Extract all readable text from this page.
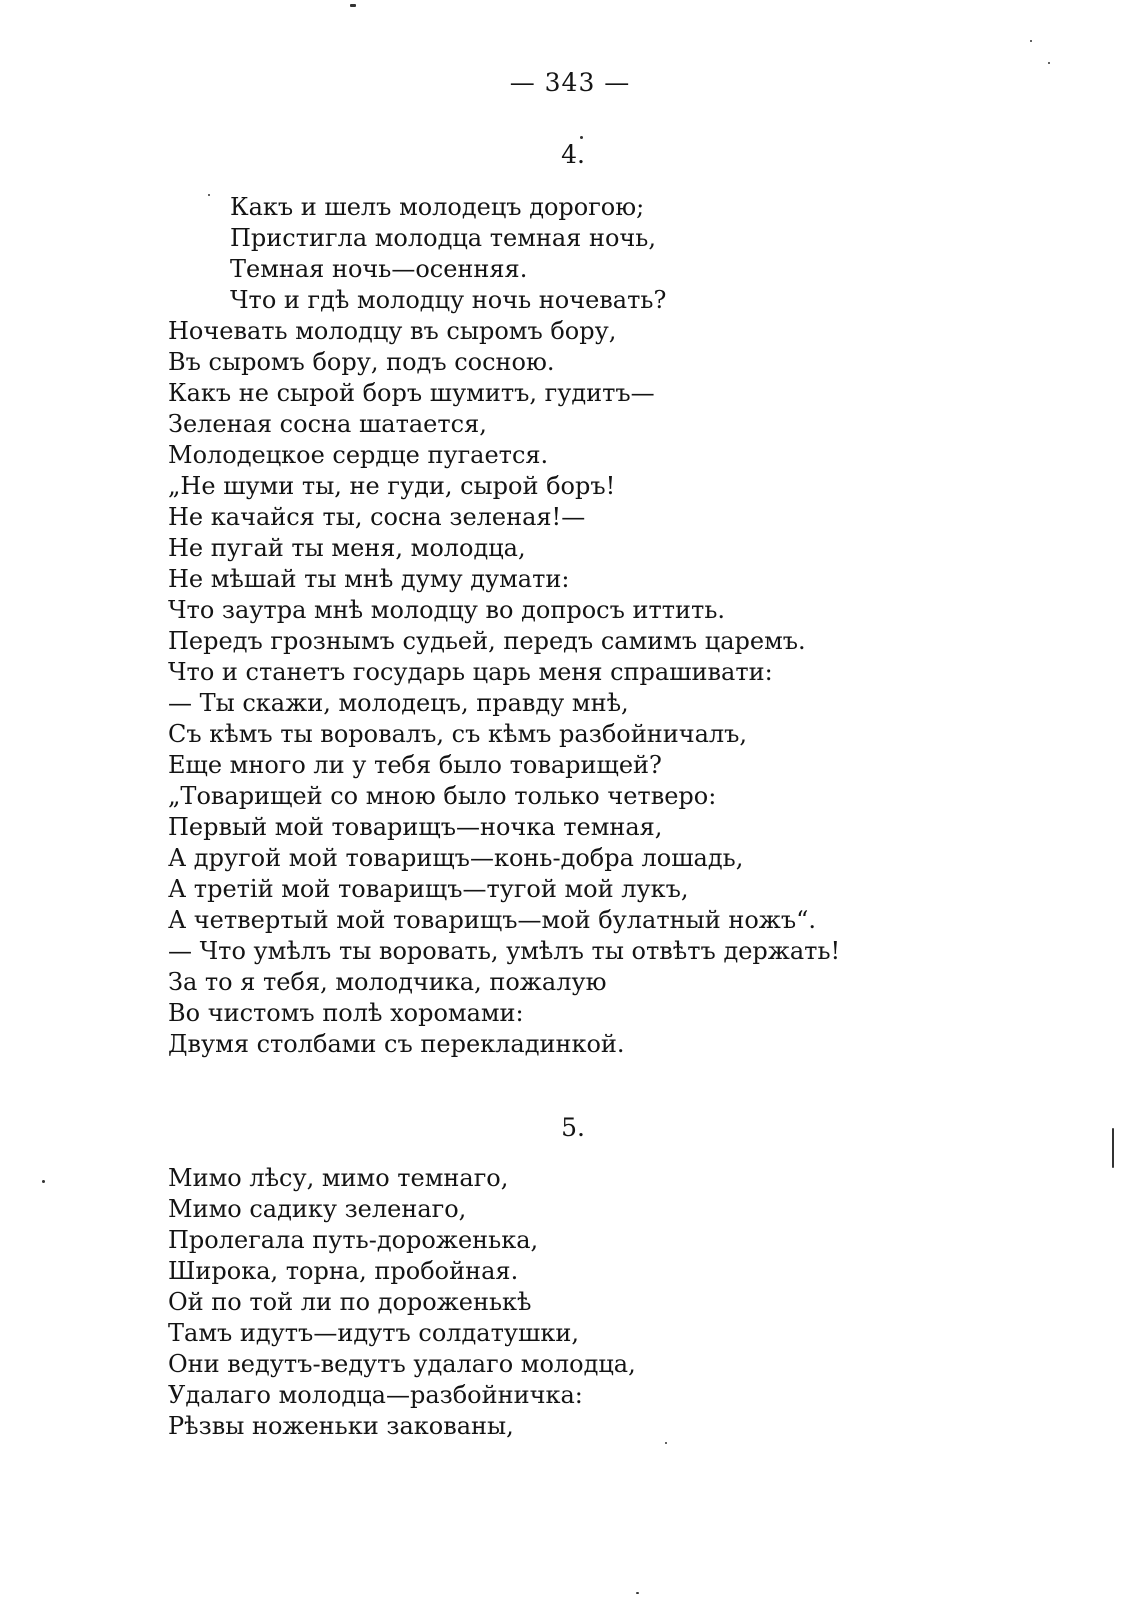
— 343 —
4.
Какъ и шелъ молодецъ дорогою;
Пристигла молодца темная ночь,
Темная ночь—осенняя.
Что и гдѣ молодцу ночь ночевать?
Ночевать молодцу въ сыромъ бору,
Въ сыромъ бору, подъ сосною.
Какъ не сырой боръ шумитъ, гудитъ—
Зеленая сосна шатается,
Молодецкое сердце пугается.
„Не шуми ты, не гуди, сырой боръ!
Не качайся ты, сосна зеленая!—
Не пугай ты меня, молодца,
Не мѣшай ты мнѣ думу думати:
Что заутра мнѣ молодцу во допросъ иттить.
Передъ грознымъ судьей, передъ самимъ царемъ.
Что и станетъ государь царь меня спрашивати:
— Ты скажи, молодецъ, правду мнѣ,
Съ кѣмъ ты воровалъ, съ кѣмъ разбойничалъ,
Еще много ли у тебя было товарищей?
„Товарищей со мною было только четверо:
Первый мой товарищъ—ночка темная,
А другой мой товарищъ—конь-добра лошадь,
А третій мой товарищъ—тугой мой лукъ,
А четвертый мой товарищъ—мой булатный ножъ“.
— Что умѣлъ ты воровать, умѣлъ ты отвѣтъ держать!
За то я тебя, молодчика, пожалую
Во чистомъ полѣ хоромами:
Двумя столбами съ перекладинкой.
5.
Мимо лѣсу, мимо темнаго,
Мимо садику зеленаго,
Пролегала путь-дороженька,
Широка, торна, пробойная.
Ой по той ли по дороженькѣ
Тамъ идутъ—идутъ солдатушки,
Они ведутъ-ведутъ удалаго молодца,
Удалаго молодца—разбойничка:
Рѣзвы ноженьки закованы,
